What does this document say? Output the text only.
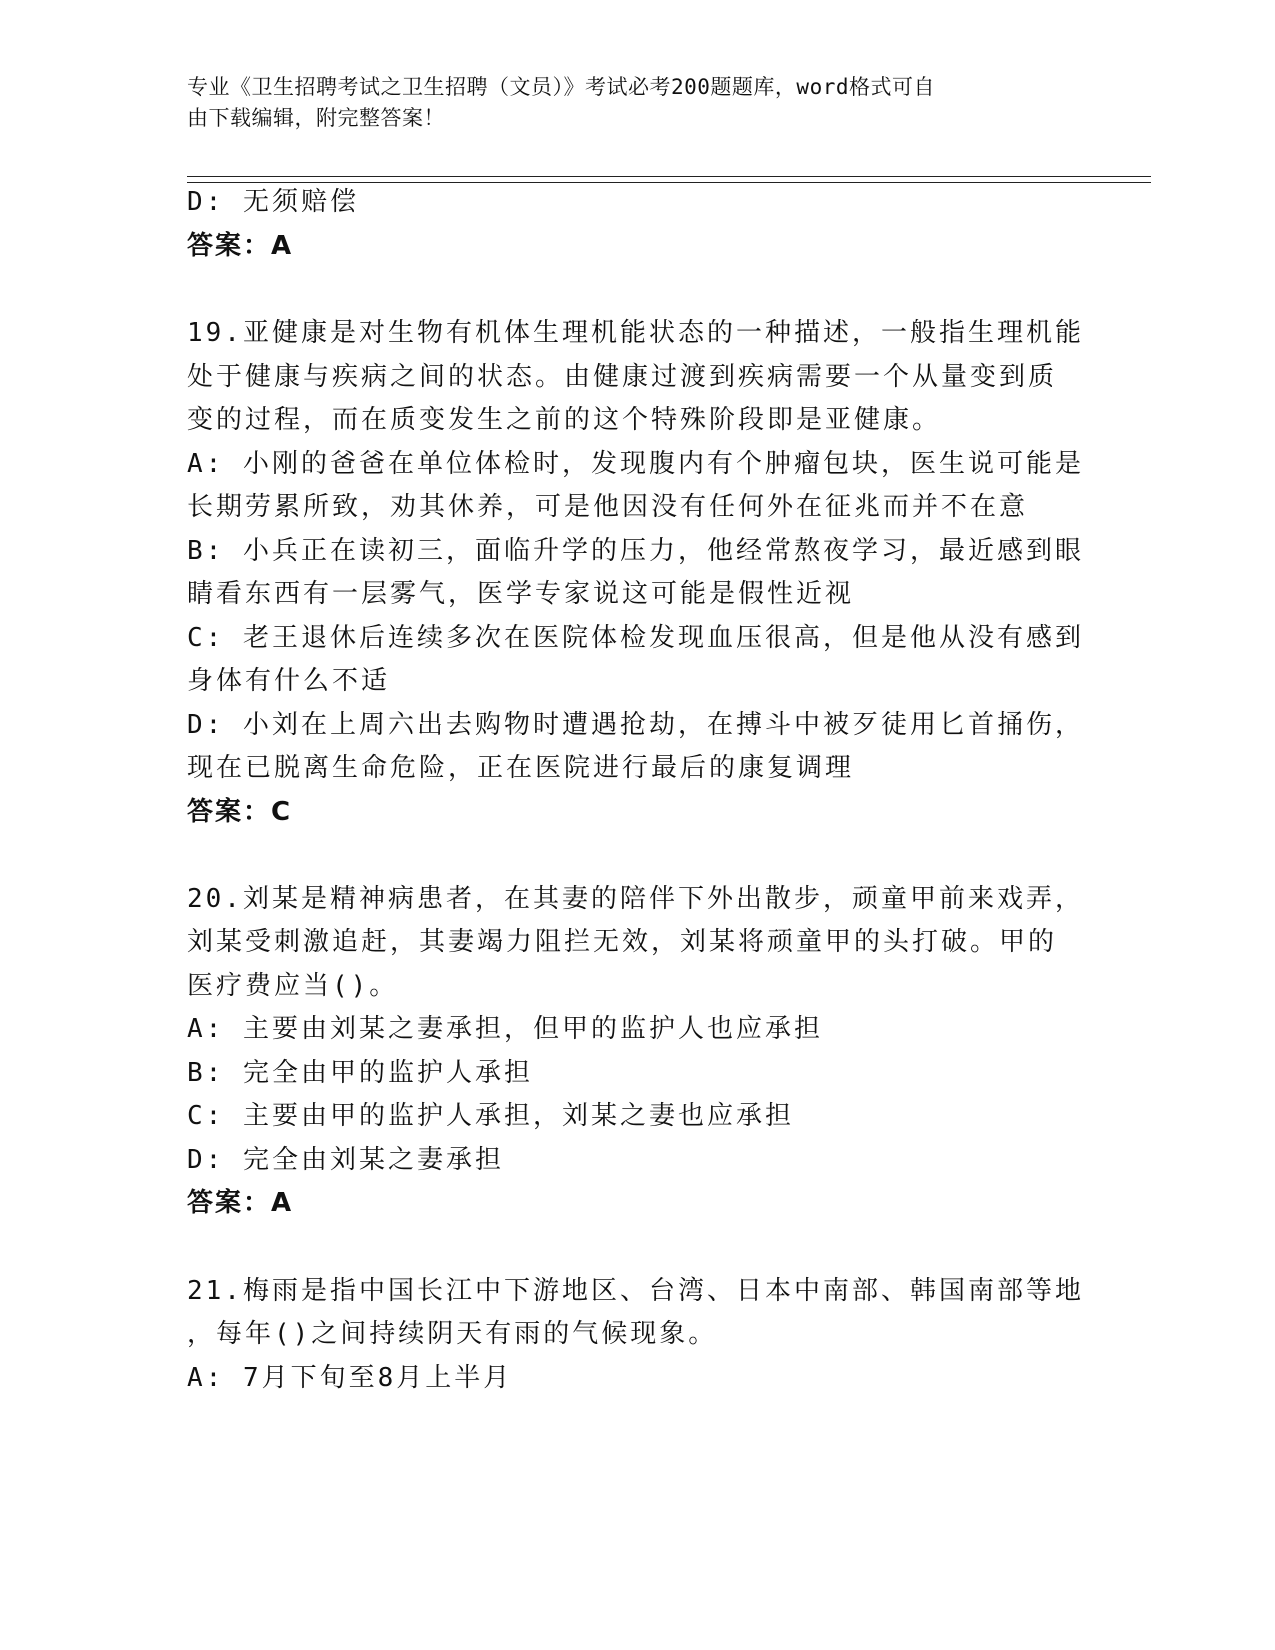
专业《卫生招聘考试之卫生招聘（文员）》考试必考200题题库，word格式可自
由下载编辑，附完整答案！
D: 无须赔偿
答案：A
19.亚健康是对生物有机体生理机能状态的一种描述，一般指生理机能
处于健康与疾病之间的状态。由健康过渡到疾病需要一个从量变到质
变的过程，而在质变发生之前的这个特殊阶段即是亚健康。
A: 小刚的爸爸在单位体检时，发现腹内有个肿瘤包块，医生说可能是
长期劳累所致，劝其休养，可是他因没有任何外在征兆而并不在意
B: 小兵正在读初三，面临升学的压力，他经常熬夜学习，最近感到眼
睛看东西有一层雾气，医学专家说这可能是假性近视
C: 老王退休后连续多次在医院体检发现血压很高，但是他从没有感到
身体有什么不适
D: 小刘在上周六出去购物时遭遇抢劫，在搏斗中被歹徒用匕首捅伤，
现在已脱离生命危险，正在医院进行最后的康复调理
答案：C
20.刘某是精神病患者，在其妻的陪伴下外出散步，顽童甲前来戏弄，
刘某受刺激追赶，其妻竭力阻拦无效，刘某将顽童甲的头打破。甲的
医疗费应当()。
A: 主要由刘某之妻承担，但甲的监护人也应承担
B: 完全由甲的监护人承担
C: 主要由甲的监护人承担，刘某之妻也应承担
D: 完全由刘某之妻承担
答案：A
21.梅雨是指中国长江中下游地区、台湾、日本中南部、韩国南部等地
，每年()之间持续阴天有雨的气候现象。
A: 7月下旬至8月上半月
